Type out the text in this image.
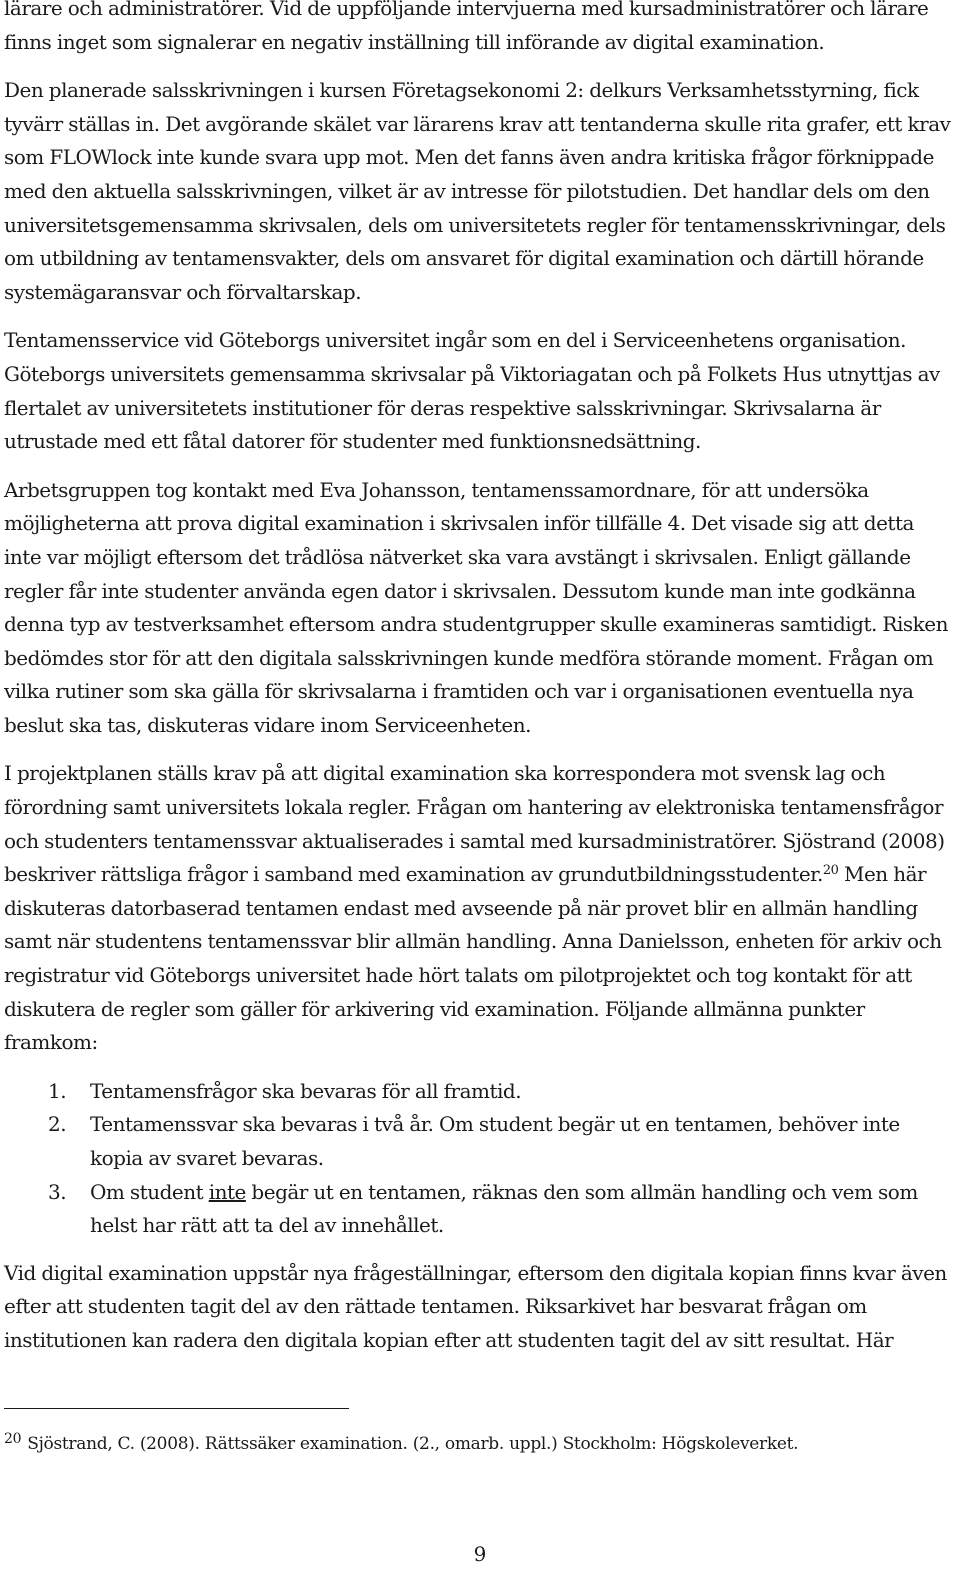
lärare och administratörer. Vid de uppföljande intervjuerna med kursadministratörer och lärare finns inget som signalerar en negativ inställning till införande av digital examination.

Den planerade salsskrivningen i kursen Företagsekonomi 2: delkurs Verksamhetsstyrning, fick tyvärr ställas in. Det avgörande skälet var lärarens krav att tentanderna skulle rita grafer, ett krav som FLOWlock inte kunde svara upp mot. Men det fanns även andra kritiska frågor förknippade med den aktuella salsskrivningen, vilket är av intresse för pilotstudien. Det handlar dels om den universitetsgemensamma skrivsalen, dels om universitetets regler för tentamensskrivningar, dels om utbildning av tentamensvakter, dels om ansvaret för digital examination och därtill hörande systemägaransvar och förvaltarskap.

Tentamensservice vid Göteborgs universitet ingår som en del i Serviceenhetens organisation. Göteborgs universitets gemensamma skrivsalar på Viktoriagatan och på Folkets Hus utnyttjas av flertalet av universitetets institutioner för deras respektive salsskrivningar. Skrivsalarna är utrustade med ett fåtal datorer för studenter med funktionsnedsättning.

Arbetsgruppen tog kontakt med Eva Johansson, tentamenssamordnare, för att undersöka möjligheterna att prova digital examination i skrivsalen inför tillfälle 4. Det visade sig att detta inte var möjligt eftersom det trådlösa nätverket ska vara avstängt i skrivsalen. Enligt gällande regler får inte studenter använda egen dator i skrivsalen. Dessutom kunde man inte godkänna denna typ av testverksamhet eftersom andra studentgrupper skulle examineras samtidigt. Risken bedömdes stor för att den digitala salsskrivningen kunde medföra störande moment. Frågan om vilka rutiner som ska gälla för skrivsalarna i framtiden och var i organisationen eventuella nya beslut ska tas, diskuteras vidare inom Serviceenheten.

I projektplanen ställs krav på att digital examination ska korrespondera mot svensk lag och förordning samt universitets lokala regler. Frågan om hantering av elektroniska tentamensfrågor och studenters tentamenssvar aktualiserades i samtal med kursadministratörer. Sjöstrand (2008) beskriver rättsliga frågor i samband med examination av grundutbildningsstudenter.$^{20}$ Men här diskuteras datorbaserad tentamen endast med avseende på när provet blir en allmän handling samt när studentens tentamenssvar blir allmän handling. Anna Danielsson, enheten för arkiv och registratur vid Göteborgs universitet hade hört talats om pilotprojektet och tog kontakt för att diskutera de regler som gäller för arkivering vid examination. Följande allmänna punkter framkom:

1. Tentamensfrågor ska bevaras för all framtid.
2. Tentamenssvar ska bevaras i två år. Om student begär ut en tentamen, behöver inte kopia av svaret bevaras.
3. Om student inte begär ut en tentamen, räknas den som allmän handling och vem som helst har rätt att ta del av innehållet.

Vid digital examination uppstår nya frågeställningar, eftersom den digitala kopian finns kvar även efter att studenten tagit del av den rättade tentamen. Riksarkivet har besvarat frågan om institutionen kan radera den digitala kopian efter att studenten tagit del av sitt resultat. Här

$^{20}$ Sjöstrand, C. (2008). Rättssäker examination. (2., omarb. uppl.) Stockholm: Högskoleverket.
9
